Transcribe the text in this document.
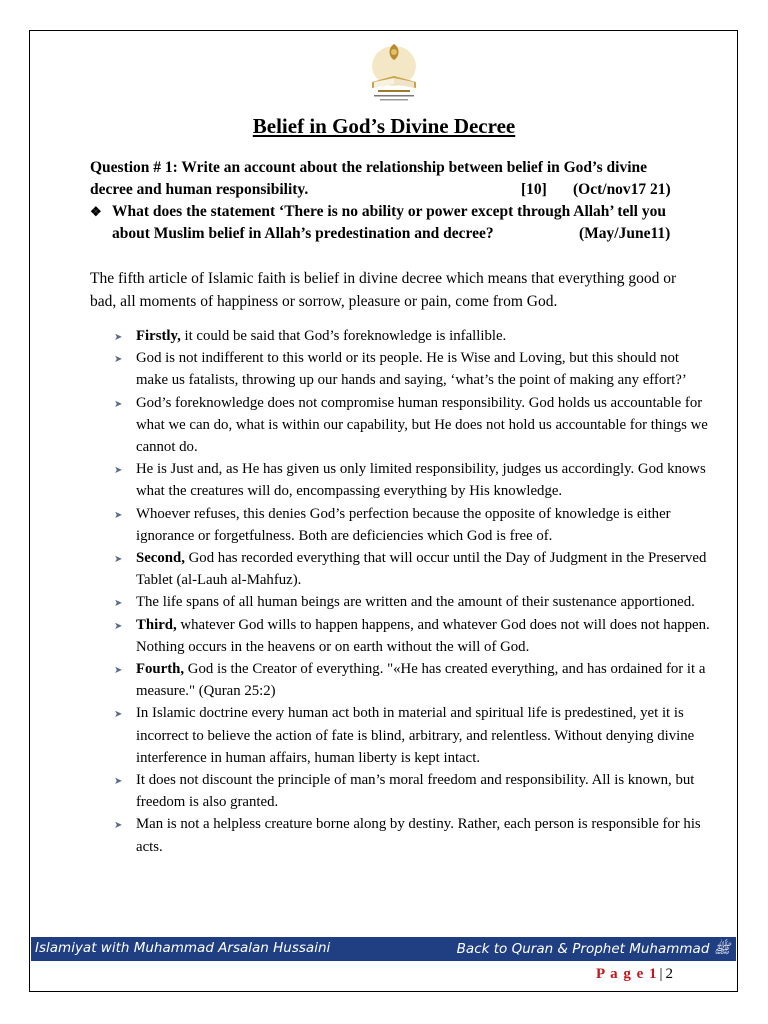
Belief in God’s Divine Decree
Question # 1: Write an account about the relationship between belief in God’s divine
decree and human responsibility.	[10] (Oct/nov17 21)
❖ What does the statement ‘There is no ability or power except through Allah’ tell you
about Muslim belief in Allah’s predestination and decree?	(May/June11)
The fifth article of Islamic faith is belief in divine decree which means that everything good or bad, all moments of happiness or sorrow, pleasure or pain, come from God.
➤ Firstly, it could be said that God’s foreknowledge is infallible.
➤ God is not indifferent to this world or its people. He is Wise and Loving, but this should not make us fatalists, throwing up our hands and saying, ‘what’s the point of making any effort?’
➤ God’s foreknowledge does not compromise human responsibility. God holds us accountable for what we can do, what is within our capability, but He does not hold us accountable for things we cannot do.
➤ He is Just and, as He has given us only limited responsibility, judges us accordingly. God knows what the creatures will do, encompassing everything by His knowledge.
➤ Whoever refuses, this denies God’s perfection because the opposite of knowledge is either ignorance or forgetfulness. Both are deficiencies which God is free of.
➤ Second, God has recorded everything that will occur until the Day of Judgment in the Preserved Tablet (al-Lauh al-Mahfuz).
➤ The life spans of all human beings are written and the amount of their sustenance apportioned.
➤ Third, whatever God wills to happen happens, and whatever God does not will does not happen. Nothing occurs in the heavens or on earth without the will of God.
➤ Fourth, God is the Creator of everything. "«He has created everything, and has ordained for it a measure." (Quran 25:2)
➤ In Islamic doctrine every human act both in material and spiritual life is predestined, yet it is incorrect to believe the action of fate is blind, arbitrary, and relentless. Without denying divine interference in human affairs, human liberty is kept intact.
➤ It does not discount the principle of man’s moral freedom and responsibility. All is known, but freedom is also granted.
➤ Man is not a helpless creature borne along by destiny. Rather, each person is responsible for his acts.
Islamiyat with Muhammad Arsalan Hussaini	Back to Quran & Prophet Muhammad ﷺ
P a g e 1 | 2
